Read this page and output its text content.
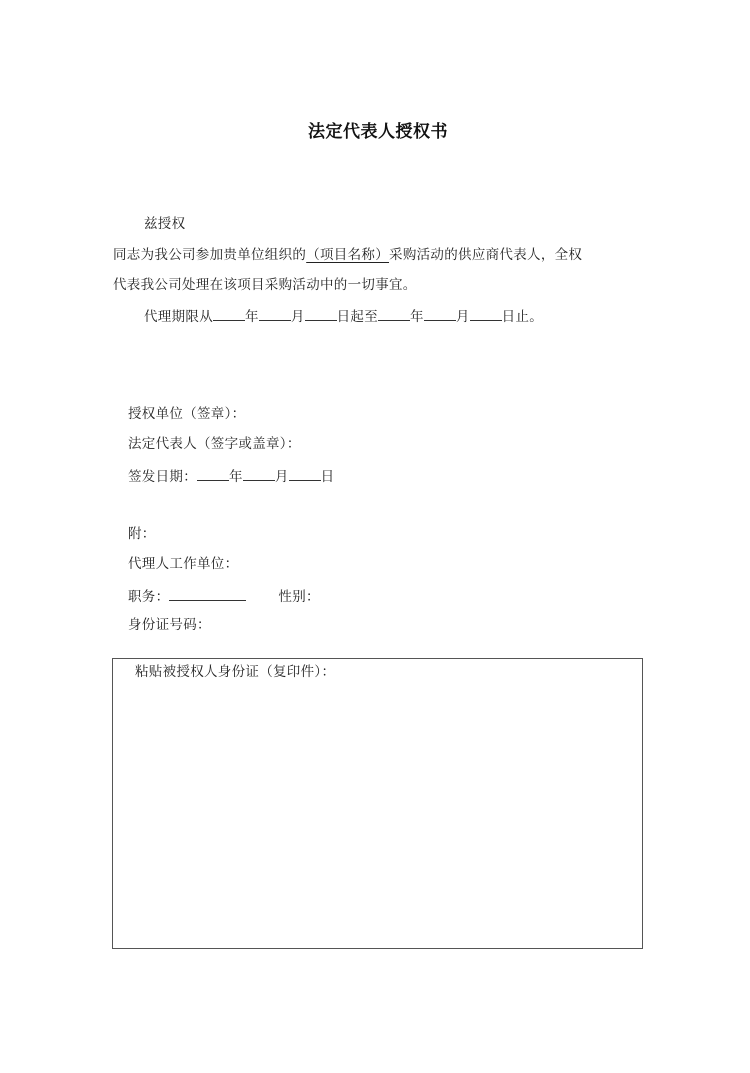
法定代表人授权书
兹授权
同志为我公司参加贵单位组织的（项目名称）采购活动的供应商代表人，全权
代表我公司处理在该项目采购活动中的一切事宜。
代理期限从 年 月 日起至 年 月 日止。
授权单位（签章）：
法定代表人（签字或盖章）：
签发日期： 年 月 日
附：
代理人工作单位：
职务：	性别：
身份证号码：
粘贴被授权人身份证（复印件）：
